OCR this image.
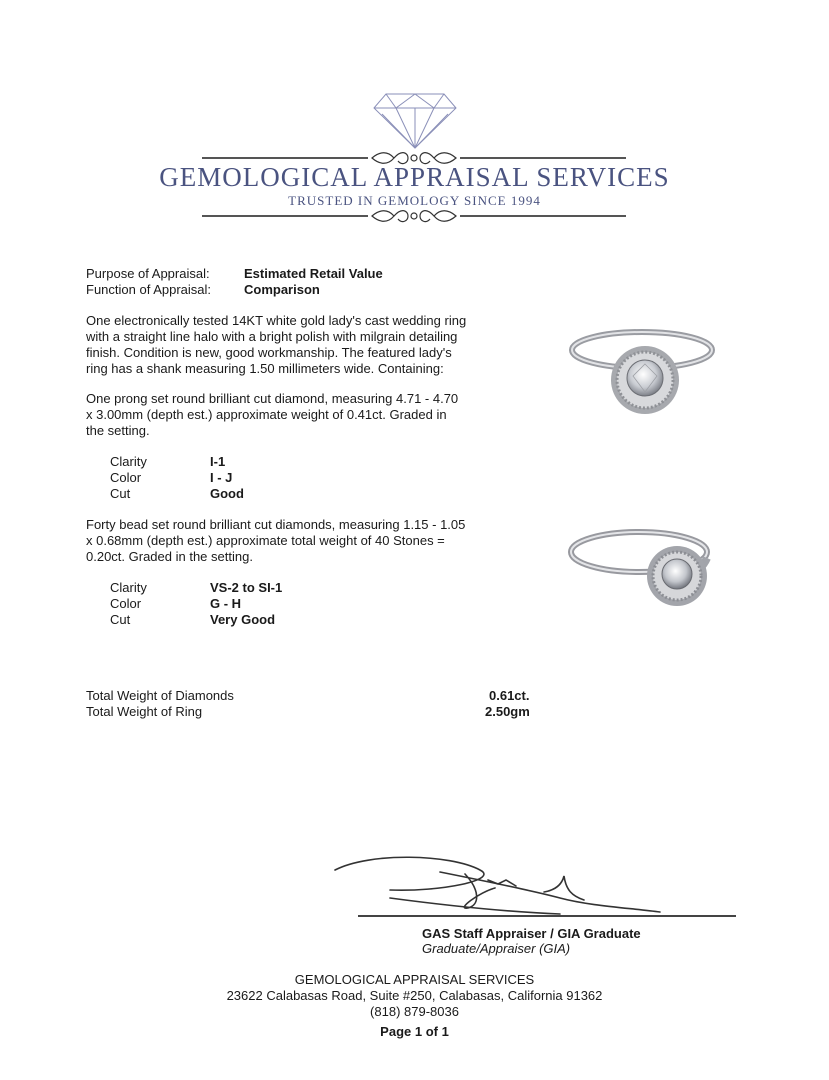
GEMOLOGICAL APPRAISAL SERVICES
TRUSTED IN GEMOLOGY SINCE 1994
Purpose of Appraisal:	Estimated Retail Value
Function of Appraisal:	Comparison
One electronically tested 14KT white gold lady's cast wedding ring
with a straight line halo with a bright polish with milgrain detailing
finish. Condition is new, good workmanship. The featured lady's
ring has a shank measuring 1.50 millimeters wide. Containing:
One prong set round brilliant cut diamond, measuring 4.71 - 4.70
x 3.00mm (depth est.) approximate weight of 0.41ct. Graded in
the setting.
Clarity	I-1
Color	I - J
Cut	Good
Forty bead set round brilliant cut diamonds, measuring 1.15 - 1.05
x 0.68mm (depth est.) approximate total weight of 40 Stones =
0.20ct. Graded in the setting.
Clarity	VS-2 to SI-1
Color	G - H
Cut	Very Good
Total Weight of Diamonds	0.61ct.
Total Weight of Ring	2.50gm
GAS Staff Appraiser / GIA Graduate
Graduate/Appraiser (GIA)
GEMOLOGICAL APPRAISAL SERVICES
23622 Calabasas Road, Suite #250, Calabasas, California 91362
(818) 879-8036
Page 1 of 1
